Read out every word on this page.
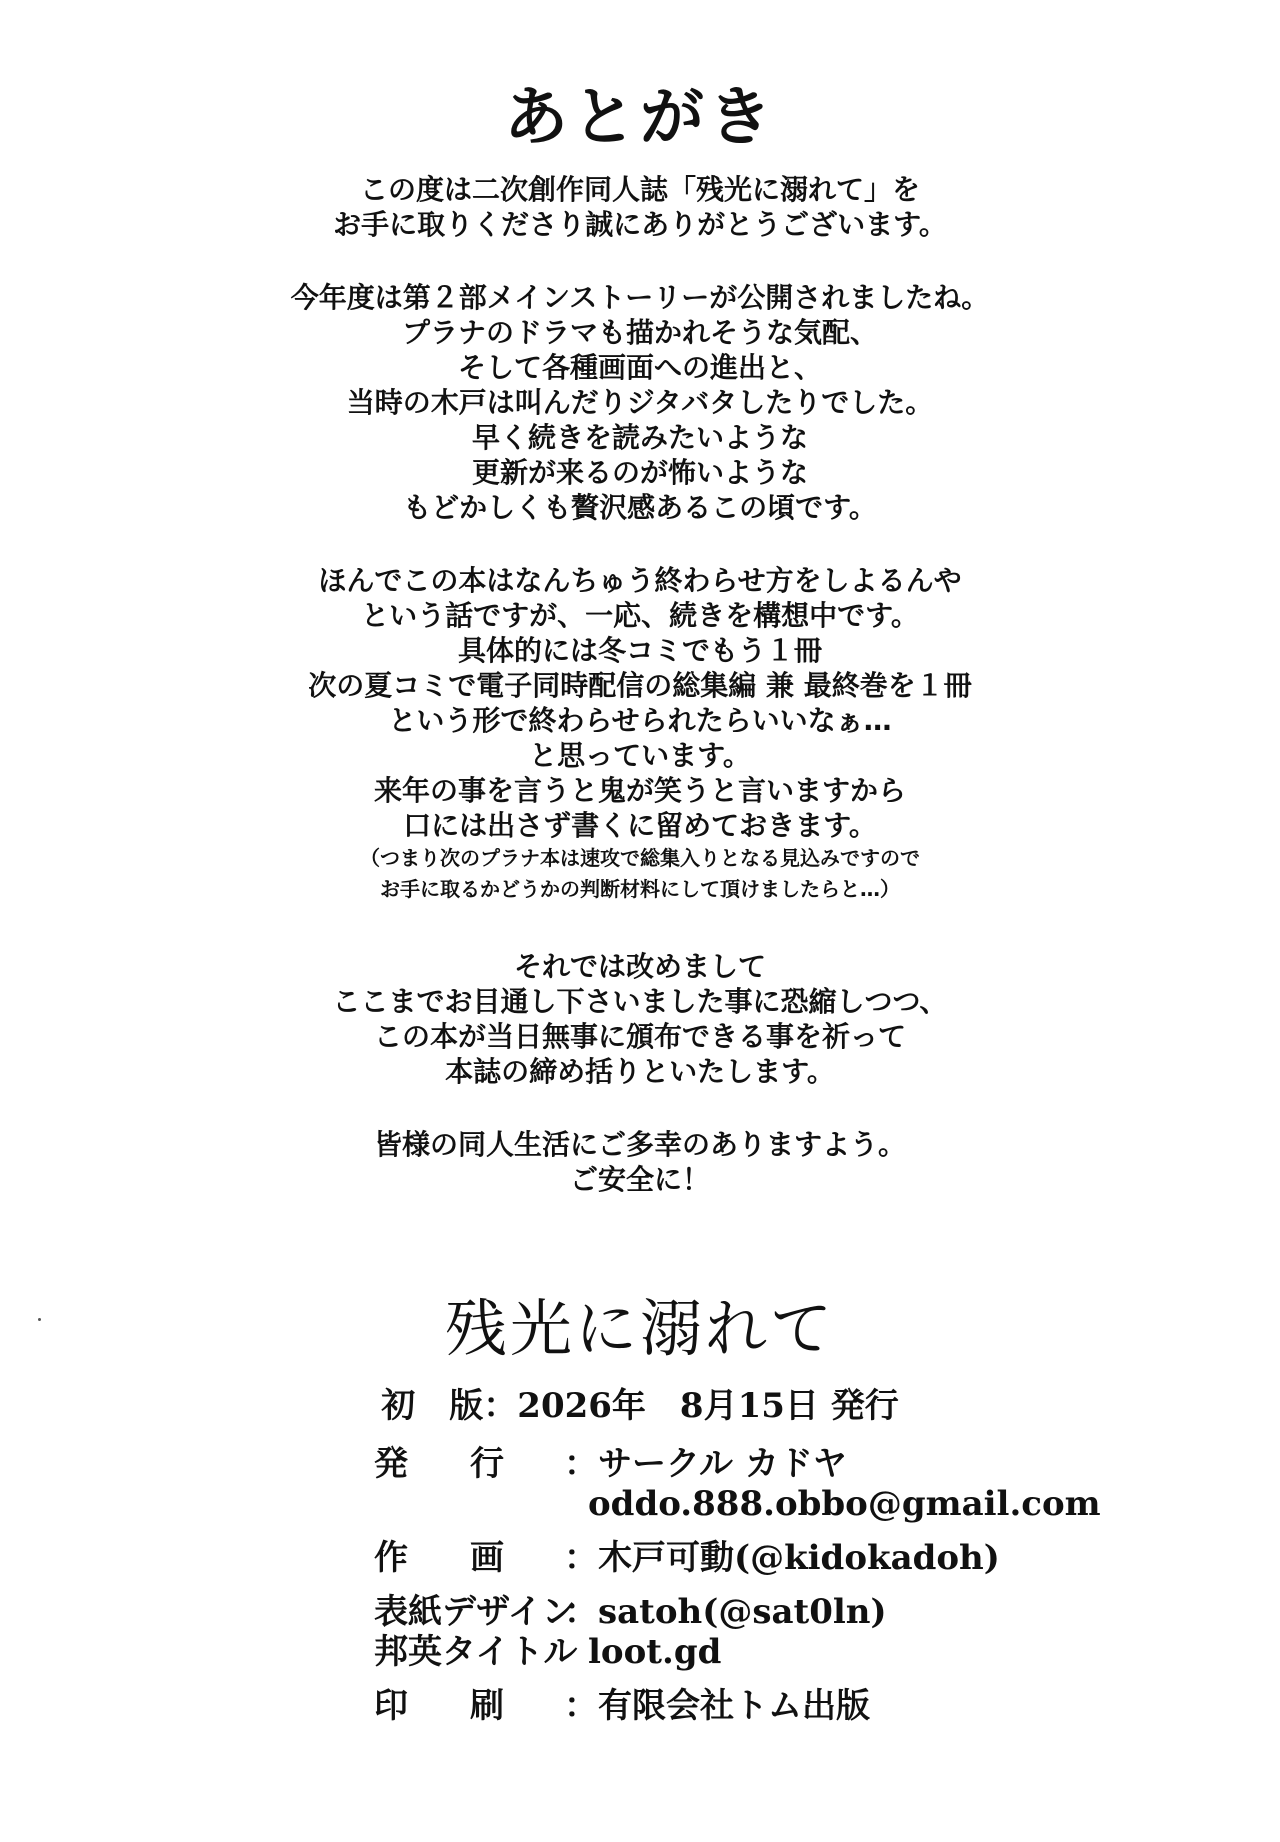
あとがき
この度は二次創作同人誌「残光に溺れて」を
お手に取りくださり誠にありがとうございます。
今年度は第２部メインストーリーが公開されましたね。
プラナのドラマも描かれそうな気配、
そして各種画面への進出と、
当時の木戸は叫んだりジタバタしたりでした。
早く続きを読みたいような
更新が来るのが怖いような
もどかしくも贅沢感あるこの頃です。
ほんでこの本はなんちゅう終わらせ方をしよるんや
という話ですが、一応、続きを構想中です。
具体的には冬コミでもう１冊
次の夏コミで電子同時配信の総集編 兼 最終巻を１冊
という形で終わらせられたらいいなぁ…
と思っています。
来年の事を言うと鬼が笑うと言いますから
口には出さず書くに留めておきます。
（つまり次のプラナ本は速攻で総集入りとなる見込みですので
お手に取るかどうかの判断材料にして頂けましたらと…）
それでは改めまして
ここまでお目通し下さいました事に恐縮しつつ、
この本が当日無事に頒布できる事を祈って
本誌の締め括りといたします。
皆様の同人生活にご多幸のありますよう。
ご安全に！
残光に溺れて
初　版：2026年　8月15日 発行
発 行 ：サークル カドヤ
oddo.888.obbo@gmail.com
作 画 ：木戸可動(@kidokadoh)
表紙デザイン
：satoh(@sat0ln)
邦英タイトル loot.gd
印 刷 ：有限会社トム出版
